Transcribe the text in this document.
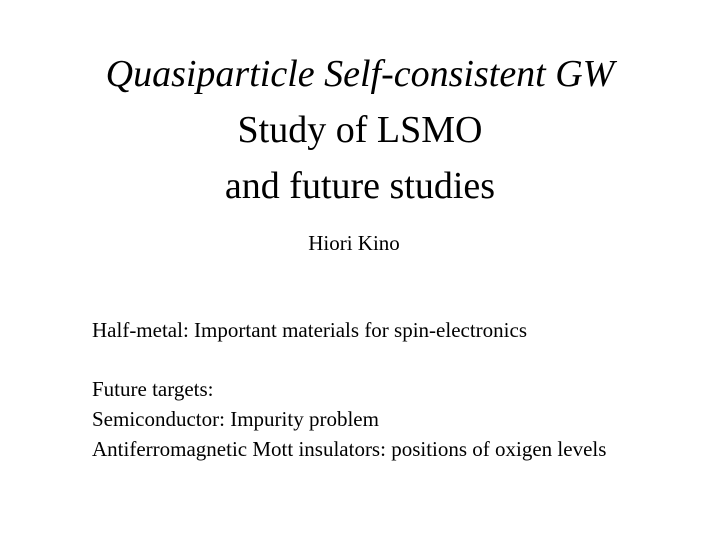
Quasiparticle Self-consistent GW
Study of LSMO
and future studies
Hiori Kino
Half-metal: Important materials for spin-electronics
Future targets:
Semiconductor: Impurity problem
Antiferromagnetic Mott insulators: positions of oxigen levels
